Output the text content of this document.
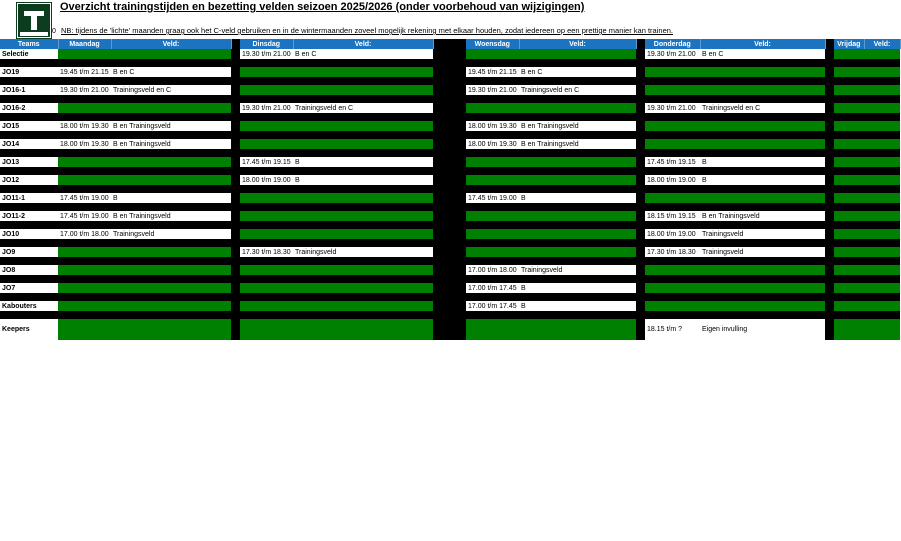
0
Overzicht trainingstijden en bezetting velden seizoen 2025/2026 (onder voorbehoud van wijzigingen)
NB: tijdens de 'lichte' maanden graag ook het C-veld gebruiken en in de wintermaanden zoveel mogelijk rekening met elkaar houden, zodat iedereen op een prettige manier kan trainen.
Teams	Maandag	Veld:		Dinsdag	Veld:		Woensdag	Veld:		Donderdag	Veld:		Vrijdag	Veld:
Selectie				19.30 t/m 21.00	B en C					19.30 t/m 21.00	B en C			

JO19	19.45 t/m 21.15	B en C					19.45 t/m 21.15	B en C						

JO16-1	19.30 t/m 21.00	Trainingsveld en C					19.30 t/m 21.00	Trainingsveld en C						

JO16-2				19.30 t/m 21.00	Trainingsveld en C					19.30 t/m 21.00	Trainingsveld en C			

JO15	18.00 t/m 19.30	B en Trainingsveld					18.00 t/m 19.30	B en Trainingsveld						

JO14	18.00 t/m 19.30	B en Trainingsveld					18.00 t/m 19.30	B en Trainingsveld						

JO13				17.45 t/m 19.15	B					17.45 t/m 19.15	B			

JO12				18.00 t/m 19.00	B					18.00 t/m 19.00	B			

JO11-1	17.45 t/m 19.00	B					17.45 t/m 19.00	B						

JO11-2	17.45 t/m 19.00	B en Trainingsveld								18.15 t/m 19.15	B en Trainingsveld			

JO10	17.00 t/m 18.00	Trainingsveld								18.00 t/m 19.00	Trainingsveld			

JO9				17.30 t/m 18.30	Trainingsveld					17.30 t/m 18.30	Trainingsveld			

JO8							17.00 t/m 18.00	Trainingsveld						

JO7							17.00 t/m 17.45	B						

Kabouters							17.00 t/m 17.45	B						

Keepers										18.15 t/m ?	Eigen invulling			
